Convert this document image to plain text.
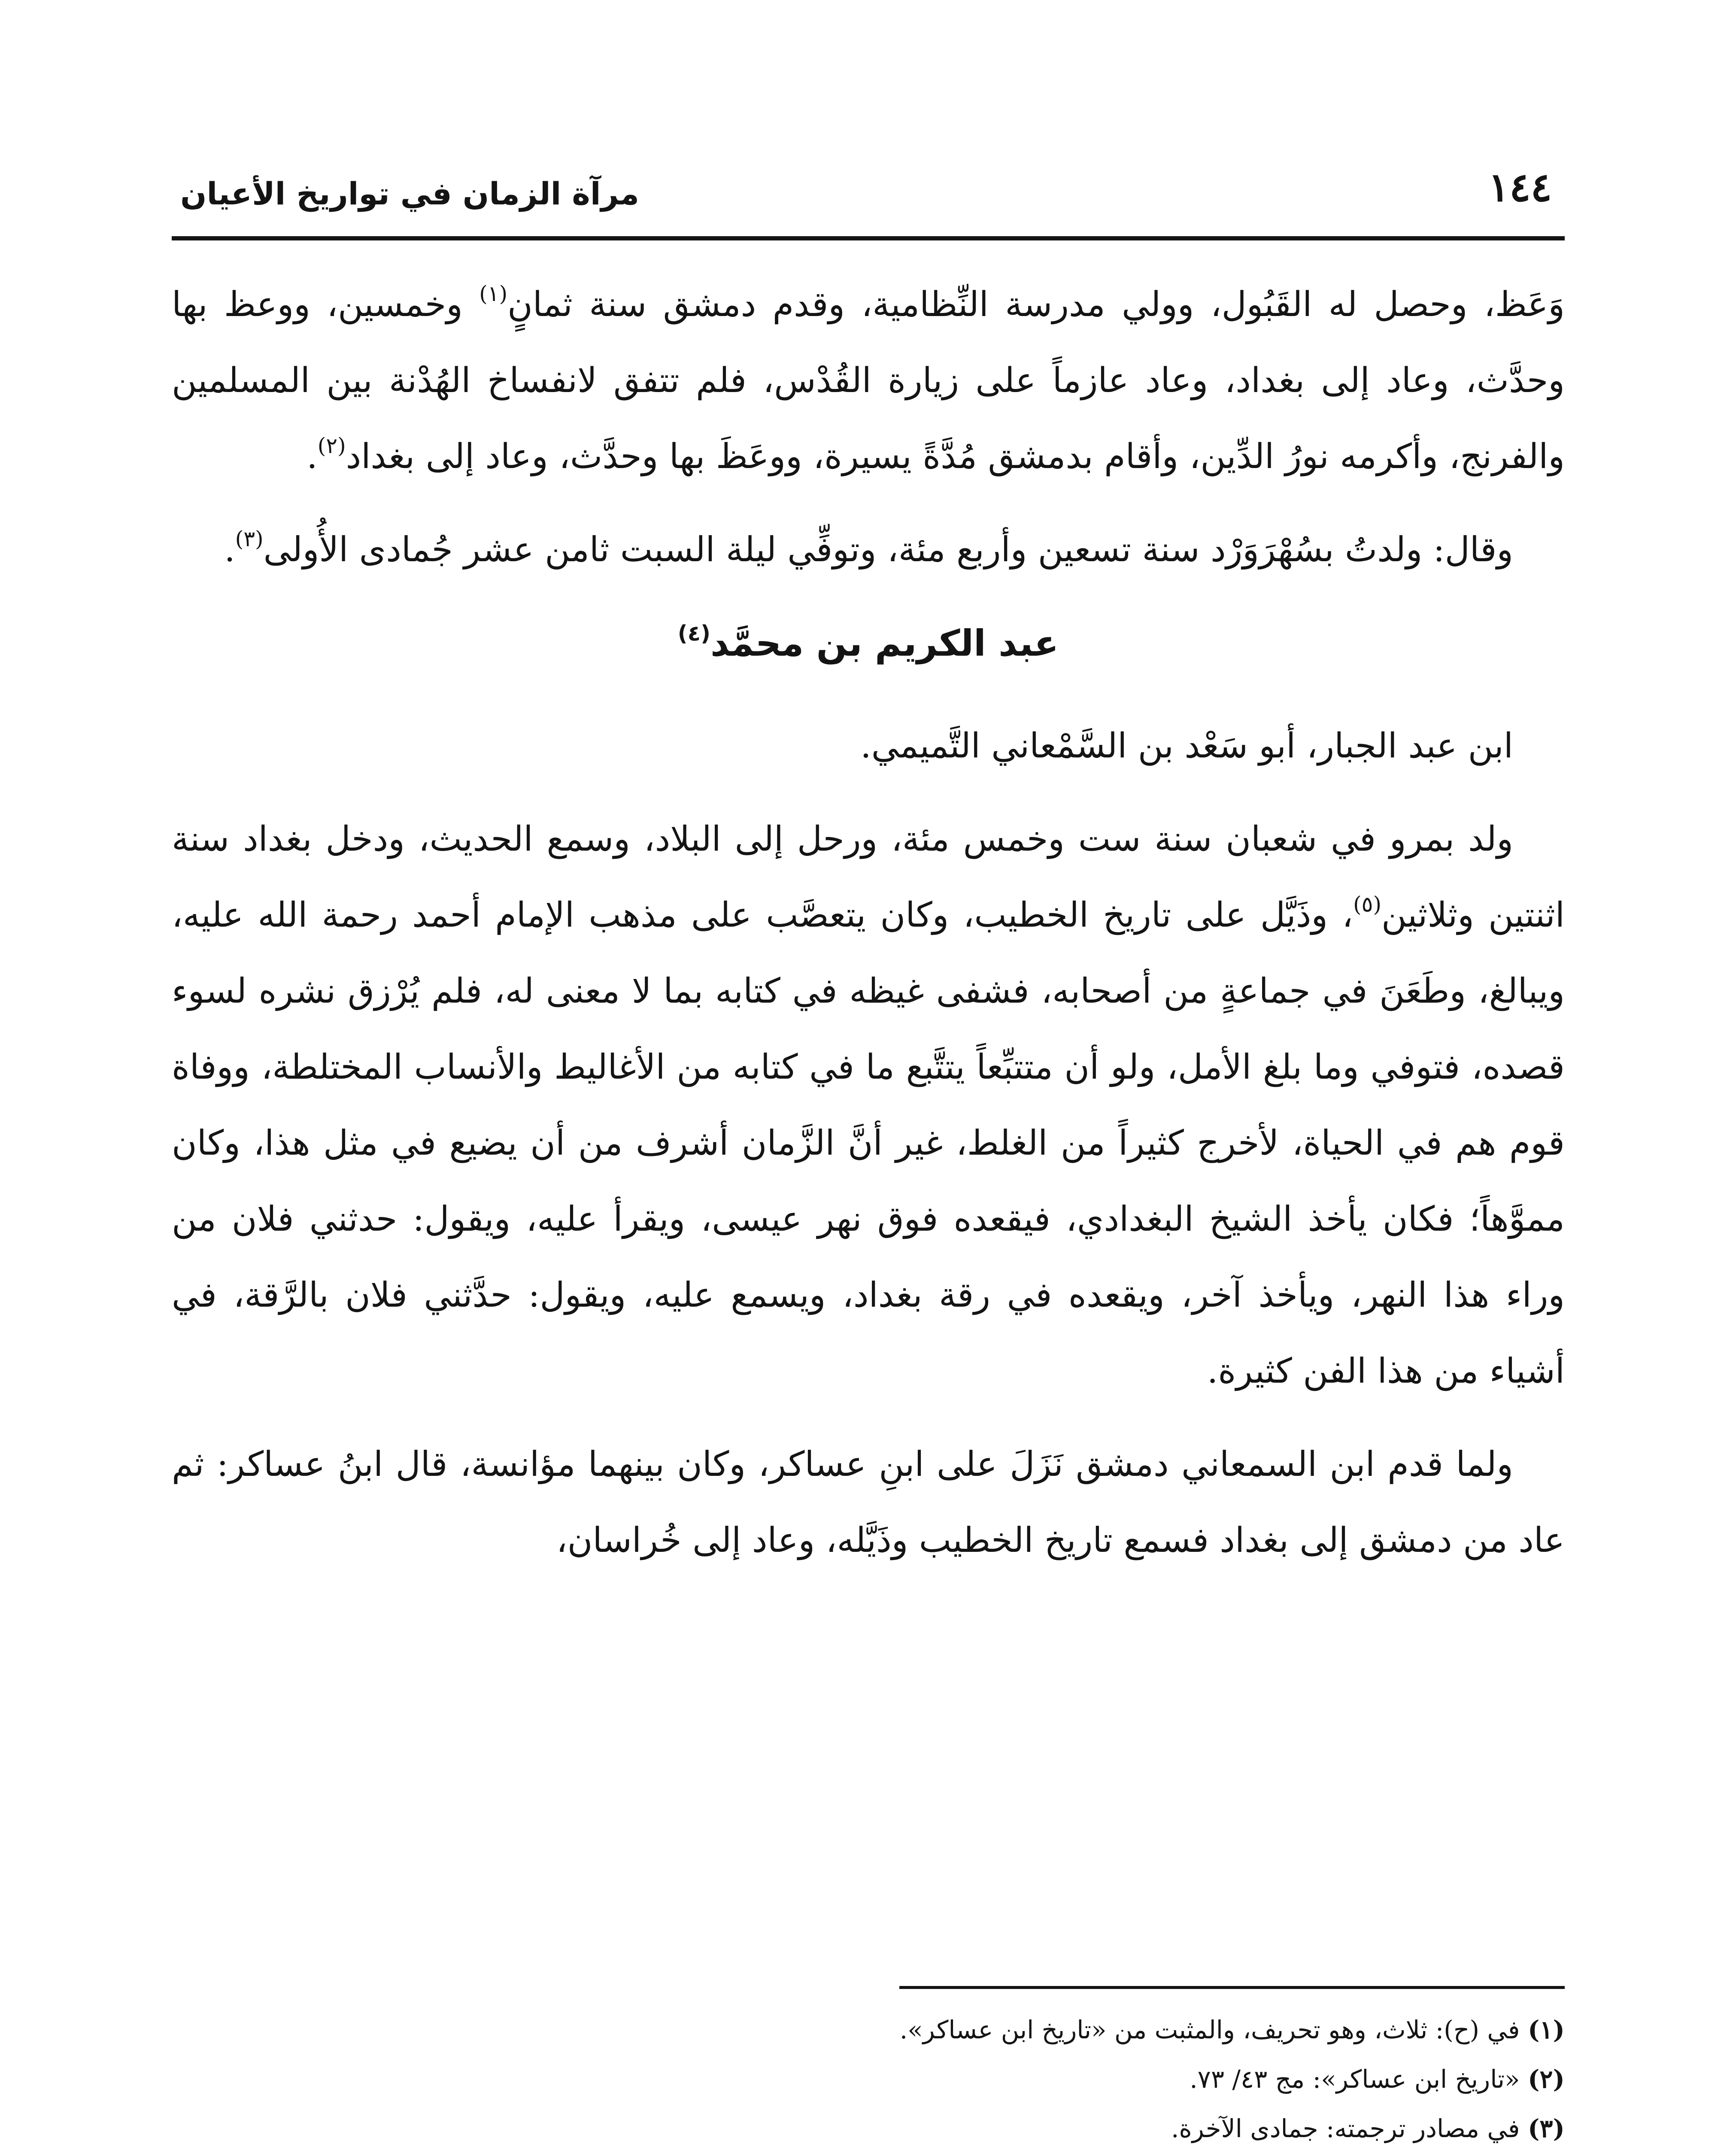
١٤٤
مرآة الزمان في تواريخ الأعيان

وَعَظ، وحصل له القَبُول، وولي مدرسة النِّظامية، وقدم دمشق سنة ثمانٍ$^{(١)}$ وخمسين، ووعظ بها وحدَّث، وعاد إلى بغداد، وعاد عازماً على زيارة القُدْس، فلم تتفق لانفساخ الهُدْنة بين المسلمين والفرنج، وأكرمه نورُ الدِّين، وأقام بدمشق مُدَّةً يسيرة، ووعَظَ بها وحدَّث، وعاد إلى بغداد$^{(٢)}$.

وقال: ولدتُ بسُهْرَوَرْد سنة تسعين وأربع مئة، وتوفِّي ليلة السبت ثامن عشر جُمادى الأُولى$^{(٣)}$.

عبد الكريم بن محمَّد$^{(٤)}$

ابن عبد الجبار، أبو سَعْد بن السَّمْعاني التَّميمي.

ولد بمرو في شعبان سنة ست وخمس مئة، ورحل إلى البلاد، وسمع الحديث، ودخل بغداد سنة اثنتين وثلاثين$^{(٥)}$، وذَيَّل على تاريخ الخطيب، وكان يتعصَّب على مذهب الإمام أحمد رحمة الله عليه، ويبالغ، وطَعَنَ في جماعةٍ من أصحابه، فشفى غيظه في كتابه بما لا معنى له، فلم يُرْزق نشره لسوء قصده، فتوفي وما بلغ الأمل، ولو أن متتبِّعاً يتتَّبع ما في كتابه من الأغاليط والأنساب المختلطة، ووفاة قوم هم في الحياة، لأخرج كثيراً من الغلط، غير أنَّ الزَّمان أشرف من أن يضيع في مثل هذا، وكان مموَّهاً؛ فكان يأخذ الشيخ البغدادي، فيقعده فوق نهر عيسى، ويقرأ عليه، ويقول: حدثني فلان من وراء هذا النهر، ويأخذ آخر، ويقعده في رقة بغداد، ويسمع عليه، ويقول: حدَّثني فلان بالرَّقة، في أشياء من هذا الفن كثيرة.

ولما قدم ابن السمعاني دمشق نَزَلَ على ابنِ عساكر، وكان بينهما مؤانسة، قال ابنُ عساكر: ثم عاد من دمشق إلى بغداد فسمع تاريخ الخطيب وذَيَّله، وعاد إلى خُراسان،

(١) في (ح): ثلاث، وهو تحريف، والمثبت من «تاريخ ابن عساكر».

(٢) «تاريخ ابن عساكر»: مج ٤٣/ ٧٣.

(٣) في مصادر ترجمته: جمادى الآخرة.
